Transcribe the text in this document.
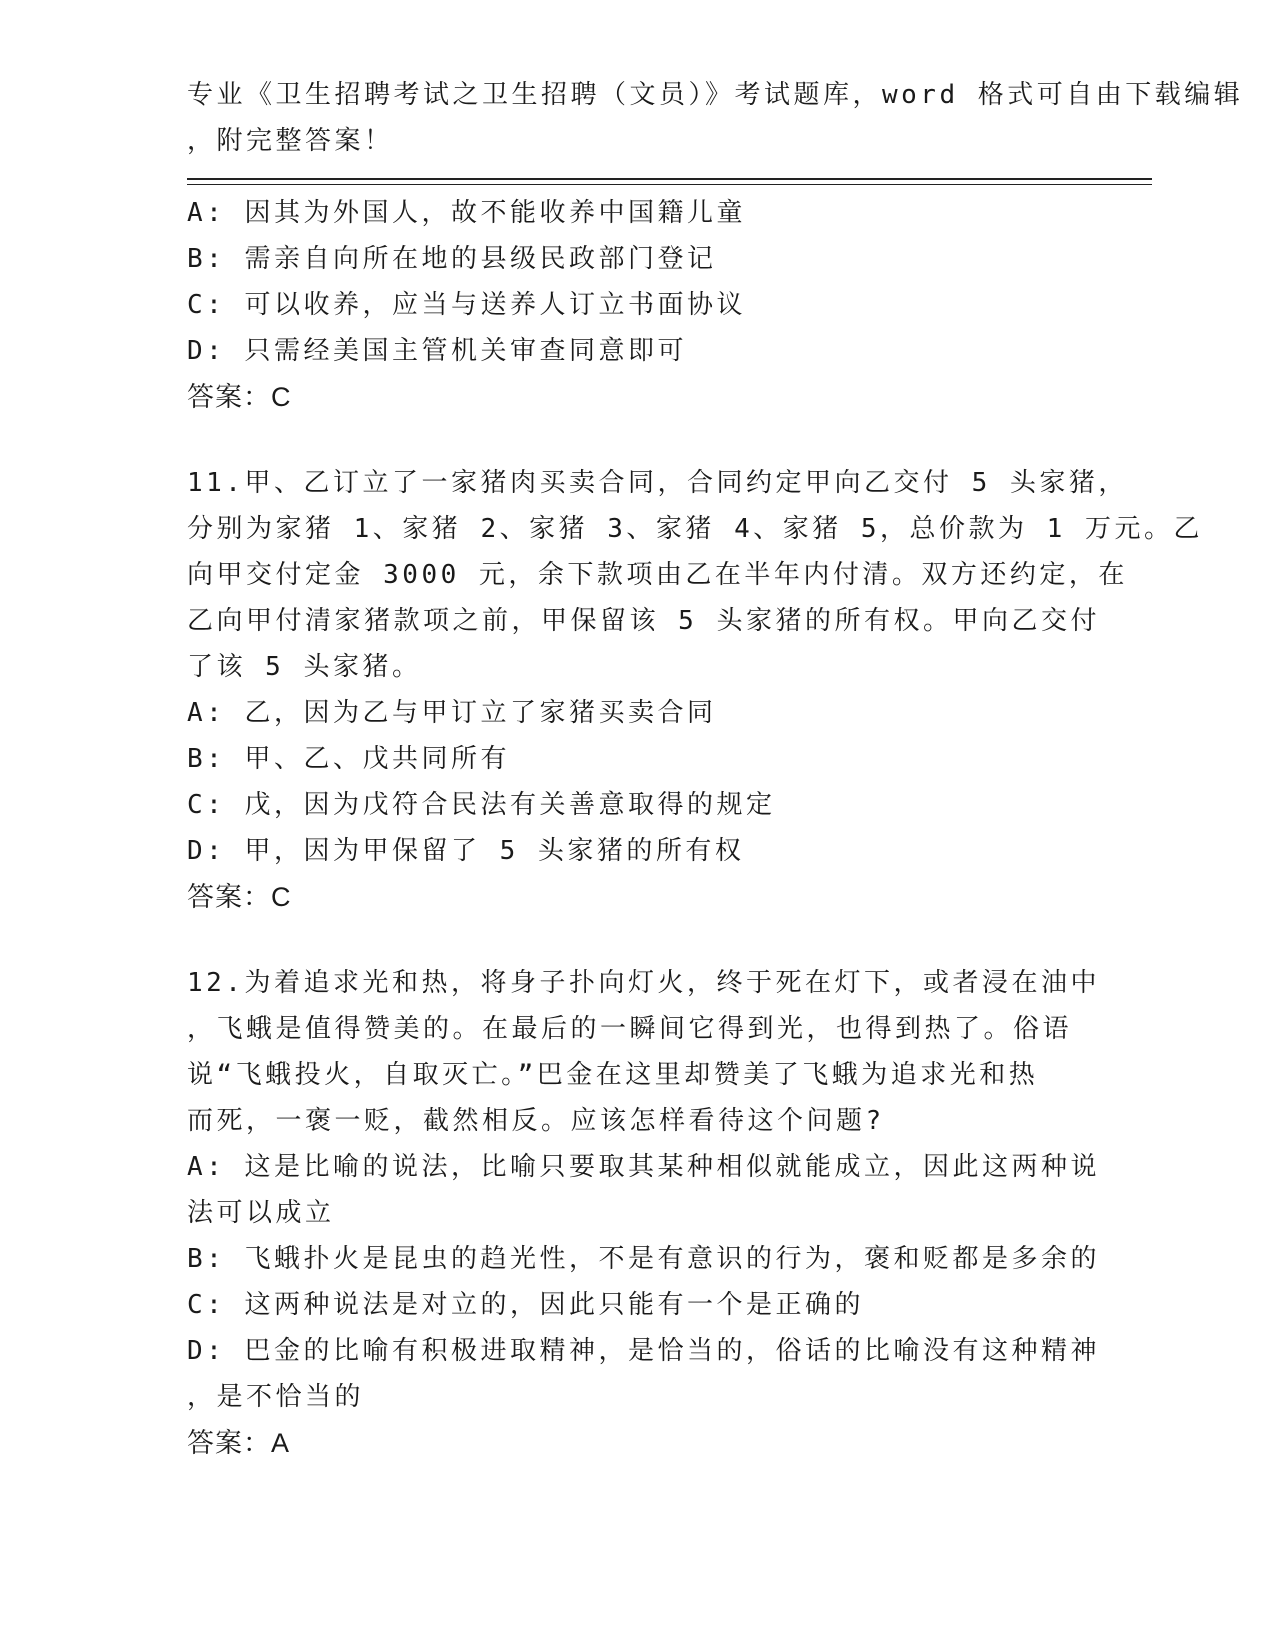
专业《卫生招聘考试之卫生招聘（文员）》考试题库，word 格式可自由下载编辑
，附完整答案！
A: 因其为外国人，故不能收养中国籍儿童
B: 需亲自向所在地的县级民政部门登记
C: 可以收养，应当与送养人订立书面协议
D: 只需经美国主管机关审查同意即可
答案：C
11.甲、乙订立了一家猪肉买卖合同，合同约定甲向乙交付 5 头家猪，
分别为家猪 1、家猪 2、家猪 3、家猪 4、家猪 5，总价款为 1 万元。乙
向甲交付定金 3000 元，余下款项由乙在半年内付清。双方还约定，在
乙向甲付清家猪款项之前，甲保留该 5 头家猪的所有权。甲向乙交付
了该 5 头家猪。
A: 乙，因为乙与甲订立了家猪买卖合同
B: 甲、乙、戊共同所有
C: 戊，因为戊符合民法有关善意取得的规定
D: 甲，因为甲保留了 5 头家猪的所有权
答案：C
12.为着追求光和热，将身子扑向灯火，终于死在灯下，或者浸在油中
，飞蛾是值得赞美的。在最后的一瞬间它得到光，也得到热了。俗语
说“飞蛾投火，自取灭亡。”巴金在这里却赞美了飞蛾为追求光和热
而死，一褒一贬，截然相反。应该怎样看待这个问题?
A: 这是比喻的说法，比喻只要取其某种相似就能成立，因此这两种说
法可以成立
B: 飞蛾扑火是昆虫的趋光性，不是有意识的行为，褒和贬都是多余的
C: 这两种说法是对立的，因此只能有一个是正确的
D: 巴金的比喻有积极进取精神，是恰当的，俗话的比喻没有这种精神
，是不恰当的
答案：A
